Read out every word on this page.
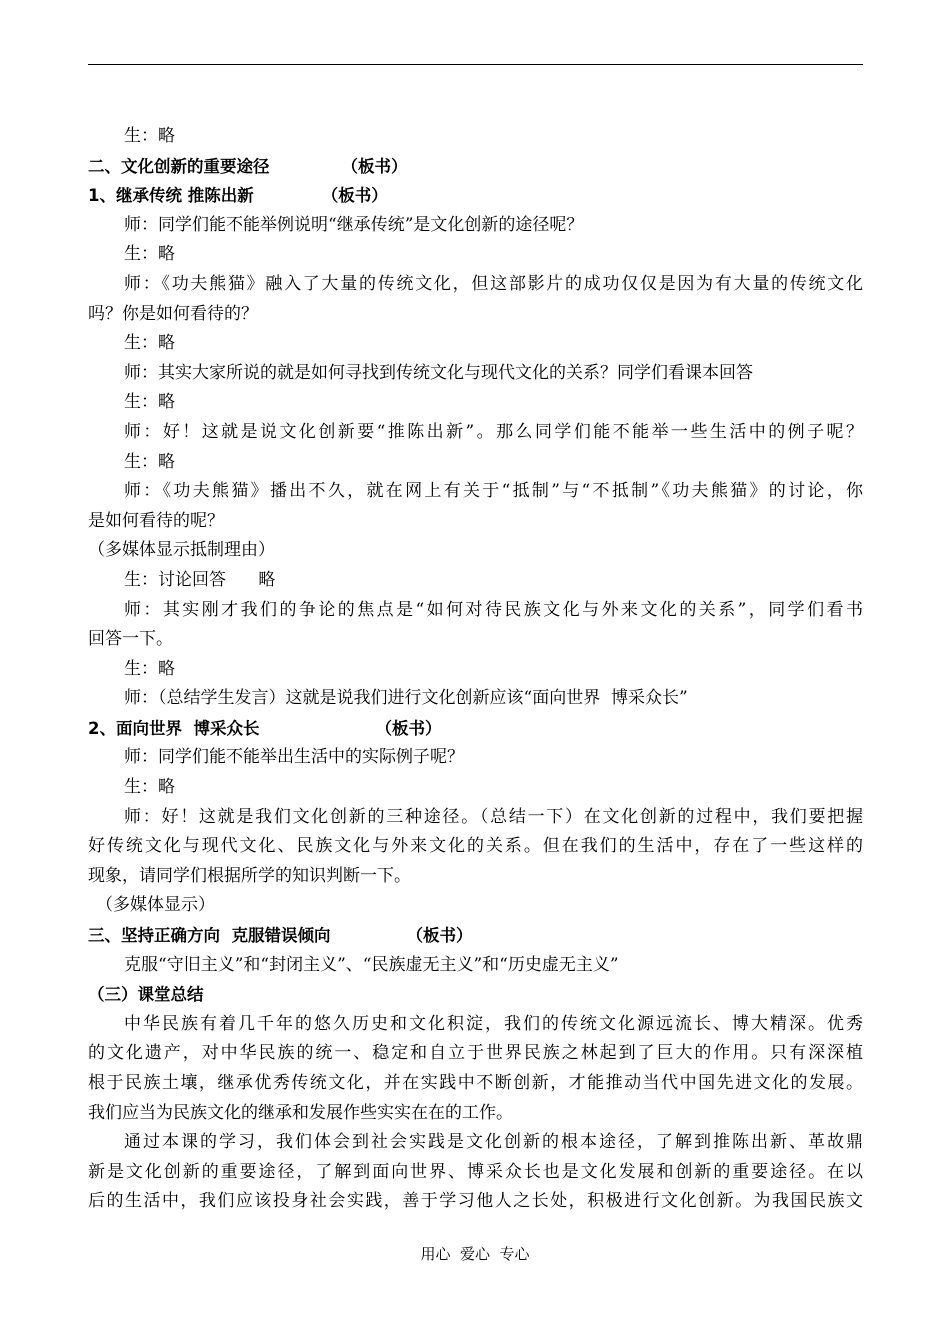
生：略
二、文化创新的重要途径	（板书）
1、继承传统 推陈出新	（板书）
师：同学们能不能举例说明“继承传统”是文化创新的途径呢？
生：略
师：《功夫熊猫》融入了大量的传统文化，但这部影片的成功仅仅是因为有大量的传统文化
吗？你是如何看待的？
生：略
师：其实大家所说的就是如何寻找到传统文化与现代文化的关系？同学们看课本回答
生：略
师：好！这就是说文化创新要“推陈出新”。那么同学们能不能举一些生活中的例子呢？
生：略
师：《功夫熊猫》播出不久，就在网上有关于“抵制”与“不抵制”《功夫熊猫》的讨论，你
是如何看待的呢？
（多媒体显示抵制理由）
生：讨论回答      略
师：其实刚才我们的争论的焦点是“如何对待民族文化与外来文化的关系”，同学们看书
回答一下。
生：略
师：（总结学生发言）这就是说我们进行文化创新应该“面向世界  博采众长”
2、面向世界  博采众长	（板书）
师：同学们能不能举出生活中的实际例子呢？
生：略
师：好！这就是我们文化创新的三种途径。（总结一下）在文化创新的过程中，我们要把握
好传统文化与现代文化、民族文化与外来文化的关系。但在我们的生活中，存在了一些这样的
现象，请同学们根据所学的知识判断一下。
（多媒体显示）
三、坚持正确方向  克服错误倾向	（板书）
克服“守旧主义”和“封闭主义”、“民族虚无主义”和“历史虚无主义”
（三）课堂总结
中华民族有着几千年的悠久历史和文化积淀，我们的传统文化源远流长、博大精深。优秀
的文化遗产，对中华民族的统一、稳定和自立于世界民族之林起到了巨大的作用。只有深深植
根于民族土壤，继承优秀传统文化，并在实践中不断创新，才能推动当代中国先进文化的发展。
我们应当为民族文化的继承和发展作些实实在在的工作。
通过本课的学习，我们体会到社会实践是文化创新的根本途径，了解到推陈出新、革故鼎
新是文化创新的重要途径，了解到面向世界、博采众长也是文化发展和创新的重要途径。在以
后的生活中，我们应该投身社会实践，善于学习他人之长处，积极进行文化创新。为我国民族文
用心  爱心  专心
